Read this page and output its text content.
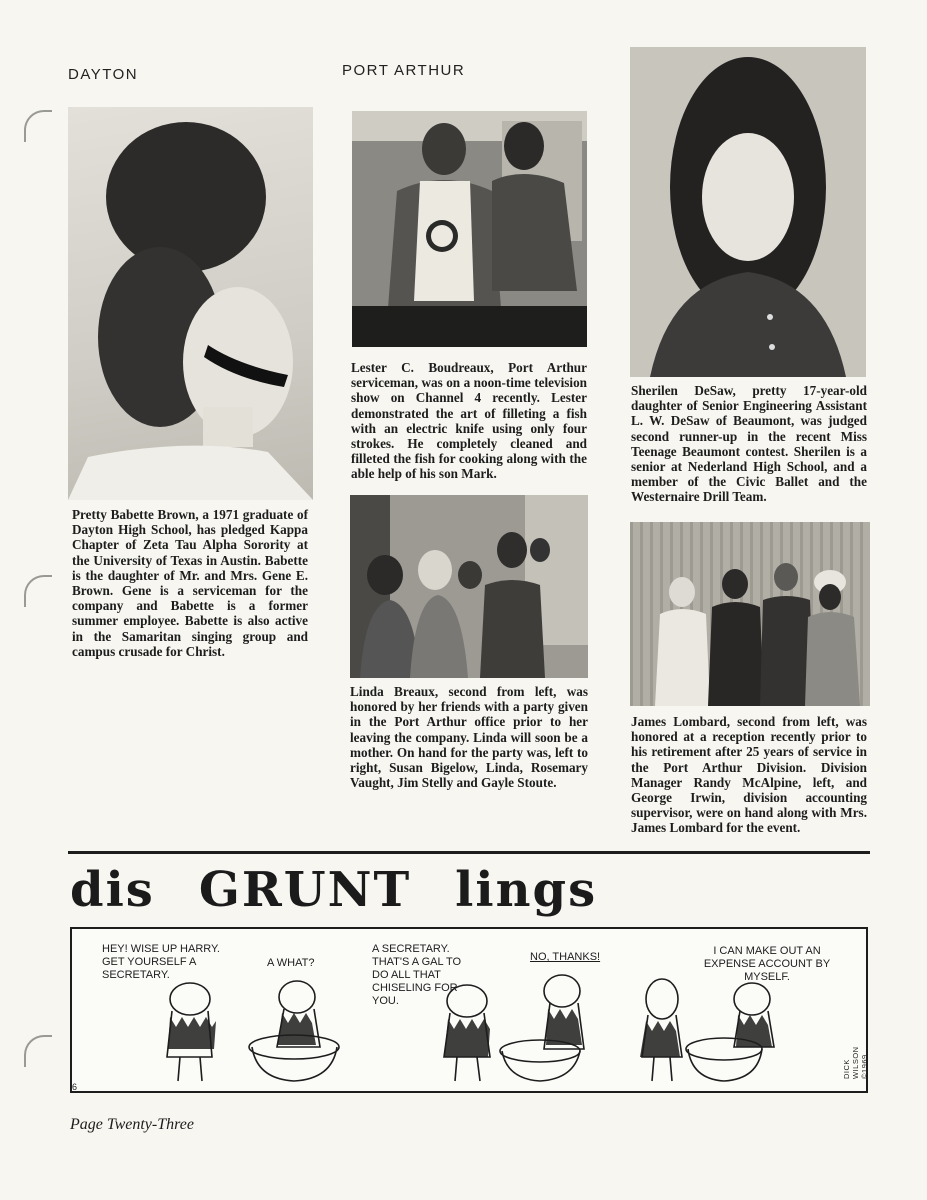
DAYTON	PORT ARTHUR

Pretty Babette Brown, a 1971 graduate of Dayton High School, has pledged Kappa Chapter of Zeta Tau Alpha Sorority at the University of Texas in Austin. Babette is the daughter of Mr. and Mrs. Gene E. Brown. Gene is a serviceman for the company and Babette is a former summer employee. Babette is also active in the Samaritan singing group and campus crusade for Christ.

Lester C. Boudreaux, Port Arthur serviceman, was on a noon-time television show on Channel 4 recently. Lester demonstrated the art of filleting a fish with an electric knife using only four strokes. He completely cleaned and filleted the fish for cooking along with the able help of his son Mark.

Linda Breaux, second from left, was honored by her friends with a party given in the Port Arthur office prior to her leaving the company. Linda will soon be a mother. On hand for the party was, left to right, Susan Bigelow, Linda, Rosemary Vaught, Jim Stelly and Gayle Stoute.

Sherilen DeSaw, pretty 17-year-old daughter of Senior Engineering Assistant L. W. DeSaw of Beaumont, was judged second runner-up in the recent Miss Teenage Beaumont contest. Sherilen is a senior at Nederland High School, and a member of the Civic Ballet and the Westernaire Drill Team.

James Lombard, second from left, was honored at a reception recently prior to his retirement after 25 years of service in the Port Arthur Division. Division Manager Randy McAlpine, left, and George Irwin, division accounting supervisor, were on hand along with Mrs. James Lombard for the event.

dis GRUNT lings

HEY! WISE UP HARRY. GET YOURSELF A SECRETARY.

A WHAT?

A SECRETARY. THAT'S A GAL TO DO ALL THAT CHISELING FOR YOU.

NO, THANKS!	I CAN MAKE OUT AN EXPENSE ACCOUNT BY MYSELF.

DICK WILSON ©1969
6
Page Twenty-Three
